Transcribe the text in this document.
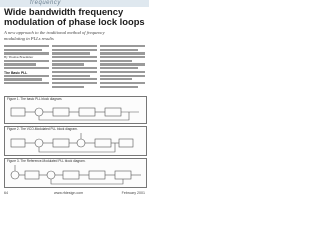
frequency
Wide bandwidth frequency
modulation of phase lock loops
A new approach to the traditional method of frequency
modulating in PLLs results
By Thomas Bruemmer
The Basic PLL
Figure 1. The basic PLL block diagram.
Figure 2. The VCO-Modulated PLL block diagram.
Figure 3. The Reference-Modulated PLL block diagram.
64	www.rfdesign.com	February 2001
